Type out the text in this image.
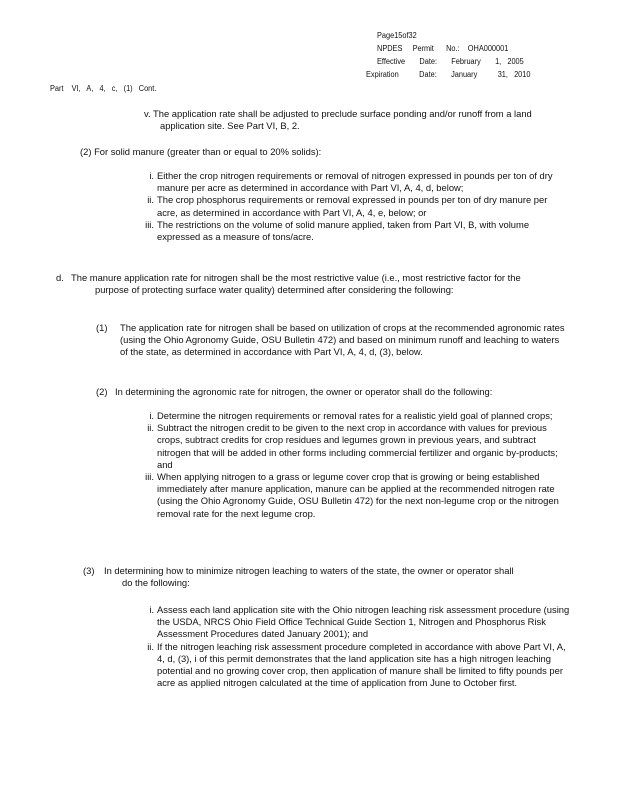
Page15of32
NPDES     Permit      No.:    OHA000001
Effective       Date:       February       1,   2005
Expiration          Date:       January          31,   2010
Part    VI,   A,   4,   c,   (1)   Cont.
v. The application rate shall be adjusted to preclude surface ponding and/or runoff from a land application site. See Part VI, B, 2.
(2) For solid manure (greater than or equal to 20% solids):
i. Either the crop nitrogen requirements or removal of nitrogen expressed in pounds per ton of dry manure per acre as determined in accordance with Part VI, A, 4, d, below;
ii. The crop phosphorus requirements or removal expressed in pounds per ton of dry manure per acre, as determined in accordance with Part VI, A, 4, e, below; or
iii. The restrictions on the volume of solid manure applied, taken from Part VI, B, with volume expressed as a measure of tons/acre.
d. The manure application rate for nitrogen shall be the most restrictive value (i.e., most restrictive factor for the purpose of protecting surface water quality) determined after considering the following:
(1) The application rate for nitrogen shall be based on utilization of crops at the recommended agronomic rates (using the Ohio Agronomy Guide, OSU Bulletin 472) and based on minimum runoff and leaching to waters of the state, as determined in accordance with Part VI, A, 4, d, (3), below.
(2) In determining the agronomic rate for nitrogen, the owner or operator shall do the following:
i. Determine the nitrogen requirements or removal rates for a realistic yield goal of planned crops;
ii. Subtract the nitrogen credit to be given to the next crop in accordance with values for previous crops, subtract credits for crop residues and legumes grown in previous years, and subtract nitrogen that will be added in other forms including commercial fertilizer and organic by-products; and
iii. When applying nitrogen to a grass or legume cover crop that is growing or being established immediately after manure application, manure can be applied at the recommended nitrogen rate (using the Ohio Agronomy Guide, OSU Bulletin 472) for the next non-legume crop or the nitrogen removal rate for the next legume crop.
(3) In determining how to minimize nitrogen leaching to waters of the state, the owner or operator shall do the following:
i. Assess each land application site with the Ohio nitrogen leaching risk assessment procedure (using the USDA, NRCS Ohio Field Office Technical Guide Section 1, Nitrogen and Phosphorus Risk Assessment Procedures dated January 2001); and
ii. If the nitrogen leaching risk assessment procedure completed in accordance with above Part VI, A, 4, d, (3), i of this permit demonstrates that the land application site has a high nitrogen leaching potential and no growing cover crop, then application of manure shall be limited to fifty pounds per acre as applied nitrogen calculated at the time of application from June to October first.
